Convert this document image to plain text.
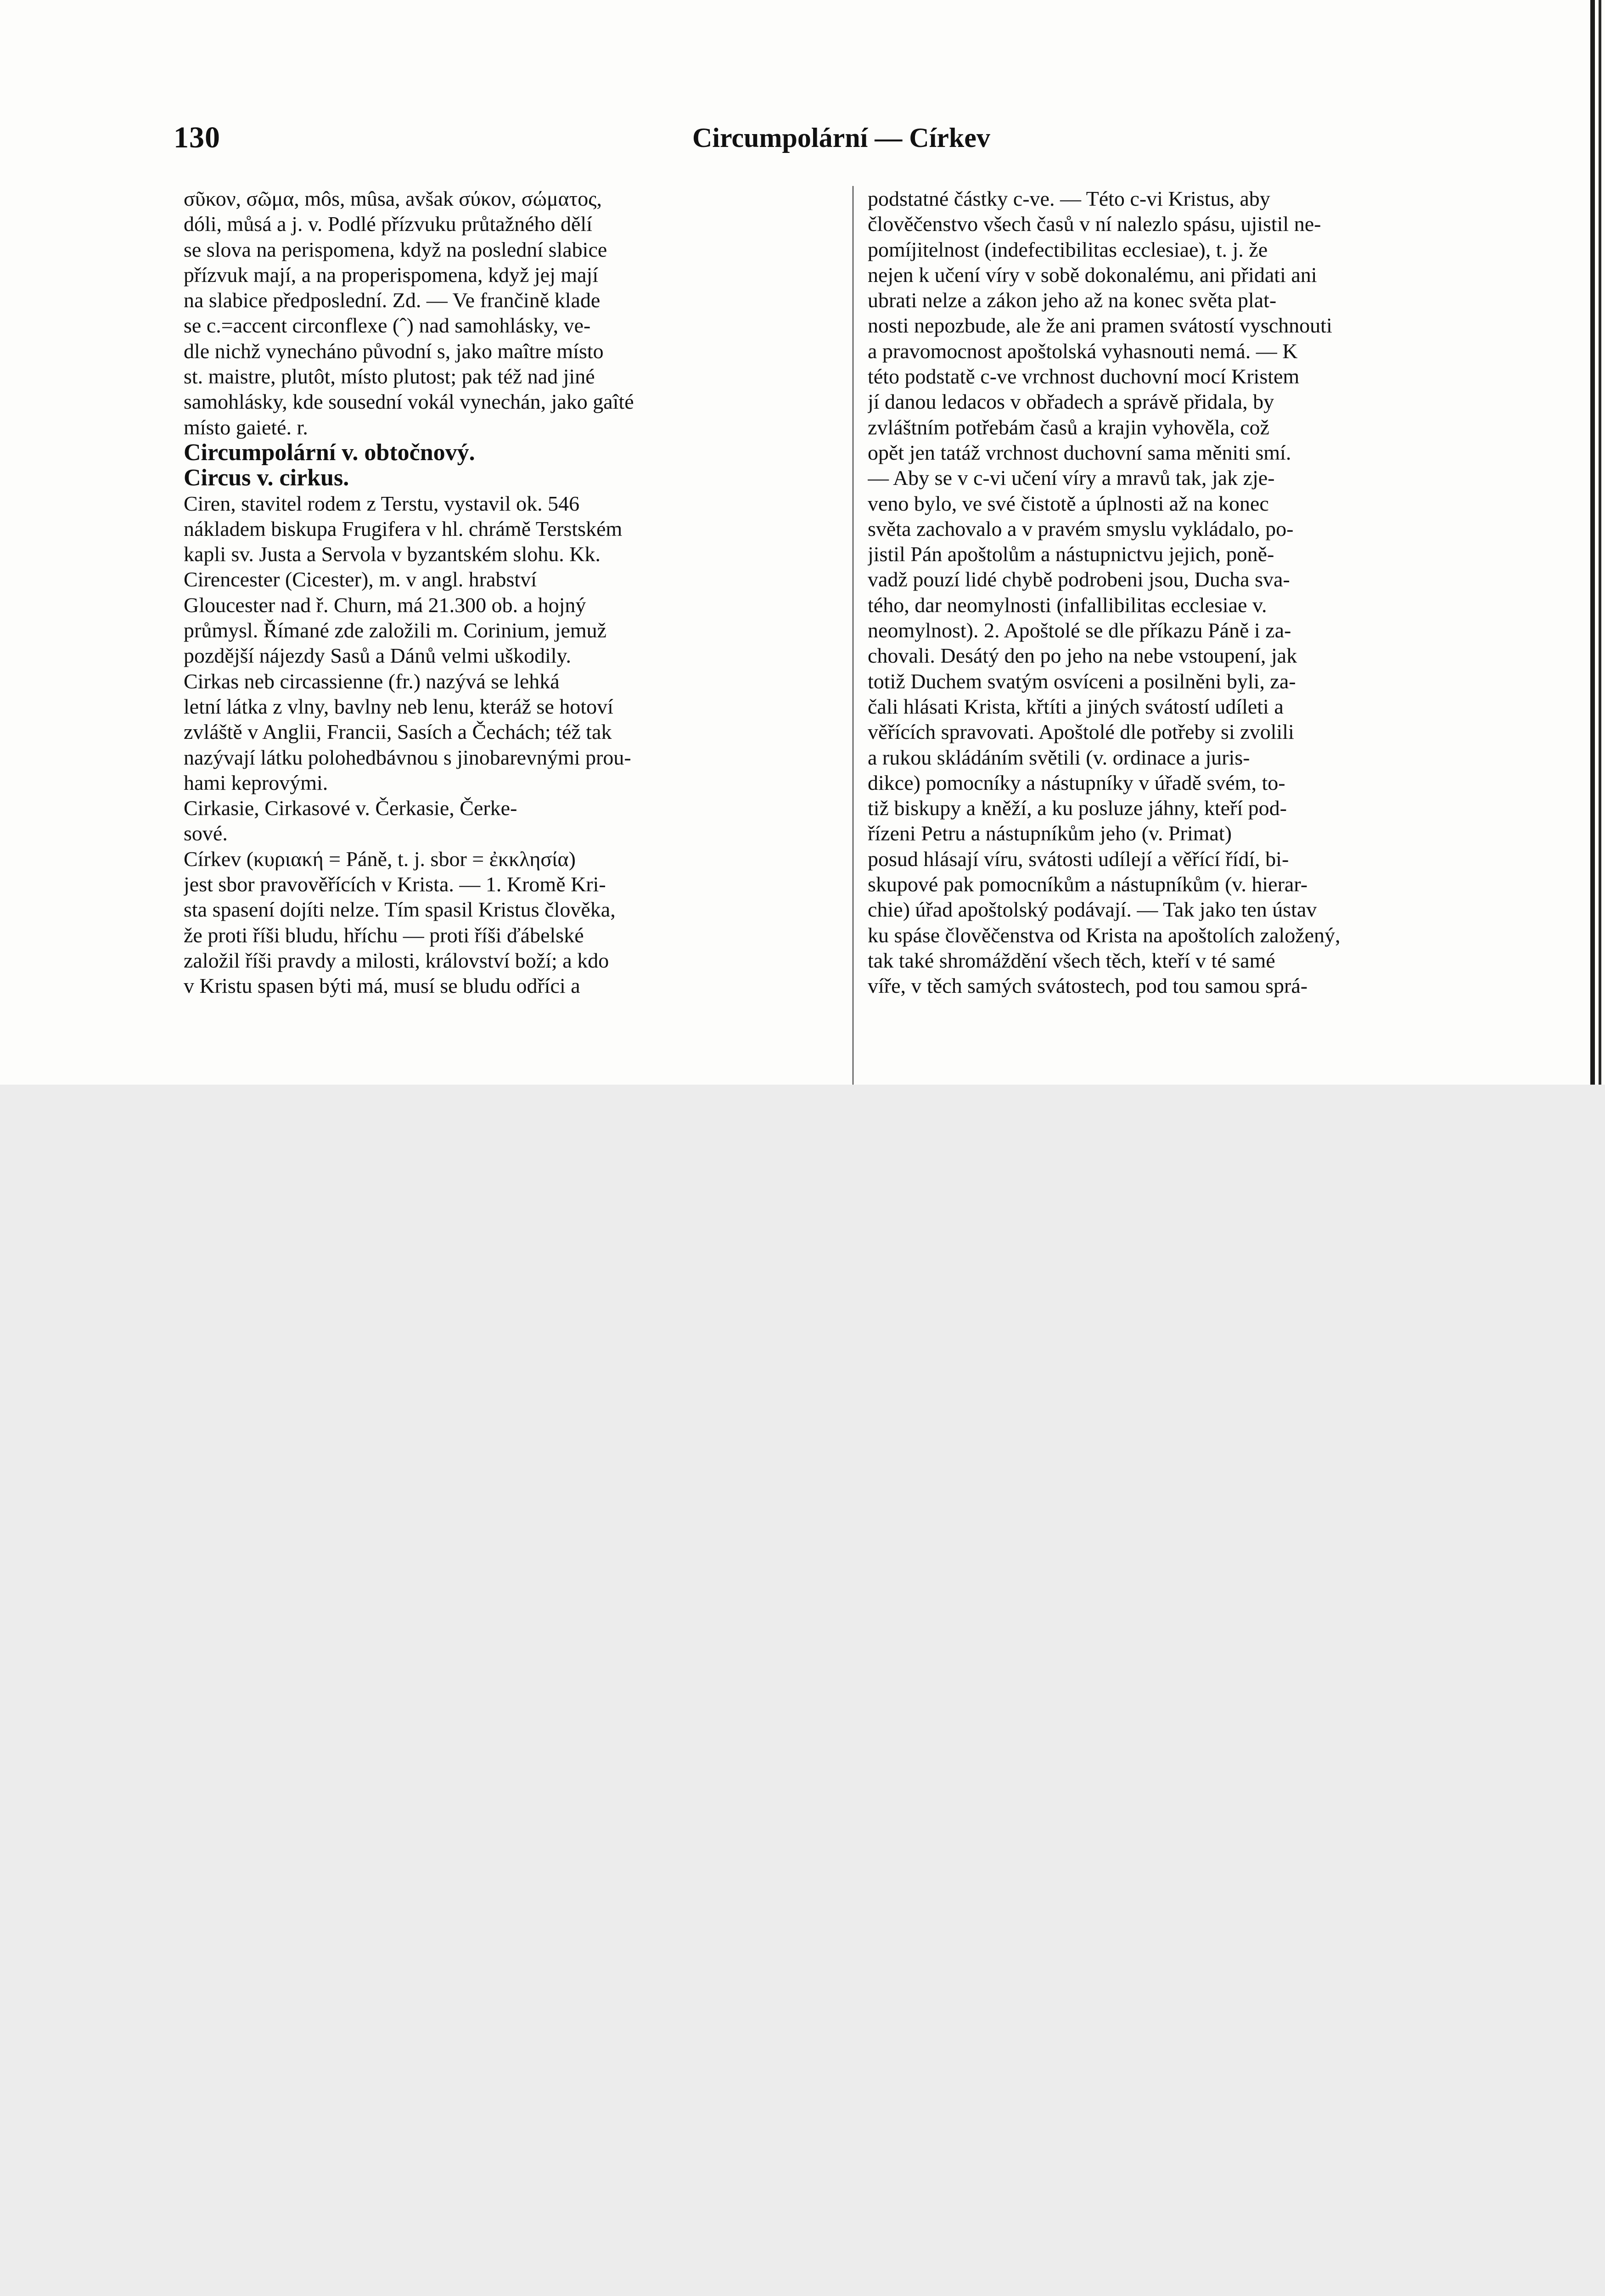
130	Circumpolární — Církev
σῦκον, σῶμα, môs, mûsa, avšak σύκον, σώματος,
dóli, můsá a j. v. Podlé přízvuku průtažného dělí
se slova na perispomena, když na poslední slabice
přízvuk mají, a na properispomena, když jej mají
na slabice předposlední. Zd. — Ve frančině klade
se c.=accent circonflexe (ˆ) nad samohlásky, ve-
dle nichž vynecháno původní s, jako maître místo
st. maistre, plutôt, místo plutost; pak též nad jiné
samohlásky, kde sousední vokál vynechán, jako gaîté
místo gaieté. r.
Circumpolární v. obtočnový.
Circus v. cirkus.
Ciren, stavitel rodem z Terstu, vystavil ok. 546
nákladem biskupa Frugifera v hl. chrámě Terstském
kapli sv. Justa a Servola v byzantském slohu. Kk.
Cirencester (Cicester), m. v angl. hrabství
Gloucester nad ř. Churn, má 21.300 ob. a hojný
průmysl. Římané zde založili m. Corinium, jemuž
pozdější nájezdy Sasů a Dánů velmi uškodily.
Cirkas neb circassienne (fr.) nazývá se lehká
letní látka z vlny, bavlny neb lenu, kteráž se hotoví
zvláště v Anglii, Francii, Sasích a Čechách; též tak
nazývají látku polohedbávnou s jinobarevnými prou-
hami keprovými.
Cirkasie, Cirkasové v. Čerkasie, Čerke-
sové.
Církev (κυριακή = Páně, t. j. sbor = ἐκκλησία)
jest sbor pravověřících v Krista. — 1. Kromě Kri-
sta spasení dojíti nelze. Tím spasil Kristus člověka,
že proti říši bludu, hříchu — proti říši ďábelské
založil říši pravdy a milosti, království boží; a kdo
v Kristu spasen býti má, musí se bludu odříci a
podstatné částky c-ve. — Této c-vi Kristus, aby
člověčenstvo všech časů v ní nalezlo spásu, ujistil ne-
pomíjitelnost (indefectibilitas ecclesiae), t. j. že
nejen k učení víry v sobě dokonalému, ani přidati ani
ubrati nelze a zákon jeho až na konec světa plat-
nosti nepozbude, ale že ani pramen svátostí vyschnouti
a pravomocnost apoštolská vyhasnouti nemá. — K
této podstatě c-ve vrchnost duchovní mocí Kristem
jí danou ledacos v obřadech a správě přidala, by
zvláštním potřebám časů a krajin vyhověla, což
opět jen tatáž vrchnost duchovní sama měniti smí.
— Aby se v c-vi učení víry a mravů tak, jak zje-
veno bylo, ve své čistotě a úplnosti až na konec
světa zachovalo a v pravém smyslu vykládalo, po-
jistil Pán apoštolům a nástupnictvu jejich, poně-
vadž pouzí lidé chybě podrobeni jsou, Ducha sva-
tého, dar neomylnosti (infallibilitas ecclesiae v.
neomylnost). 2. Apoštolé se dle příkazu Páně i za-
chovali. Desátý den po jeho na nebe vstoupení, jak
totiž Duchem svatým osvíceni a posilněni byli, za-
čali hlásati Krista, křtíti a jiných svátostí udíleti a
věřících spravovati. Apoštolé dle potřeby si zvolili
a rukou skládáním světili (v. ordinace a juris-
dikce) pomocníky a nástupníky v úřadě svém, to-
tiž biskupy a kněží, a ku posluze jáhny, kteří pod-
řízeni Petru a nástupníkům jeho (v. Primat)
posud hlásají víru, svátosti udílejí a věřící řídí, bi-
skupové pak pomocníkům a nástupníkům (v. hierar-
chie) úřad apoštolský podávají. — Tak jako ten ústav
ku spáse člověčenstva od Krista na apoštolích založený,
tak také shromáždění všech těch, kteří v té samé
víře, v těch samých svátostech, pod tou samou sprá-
